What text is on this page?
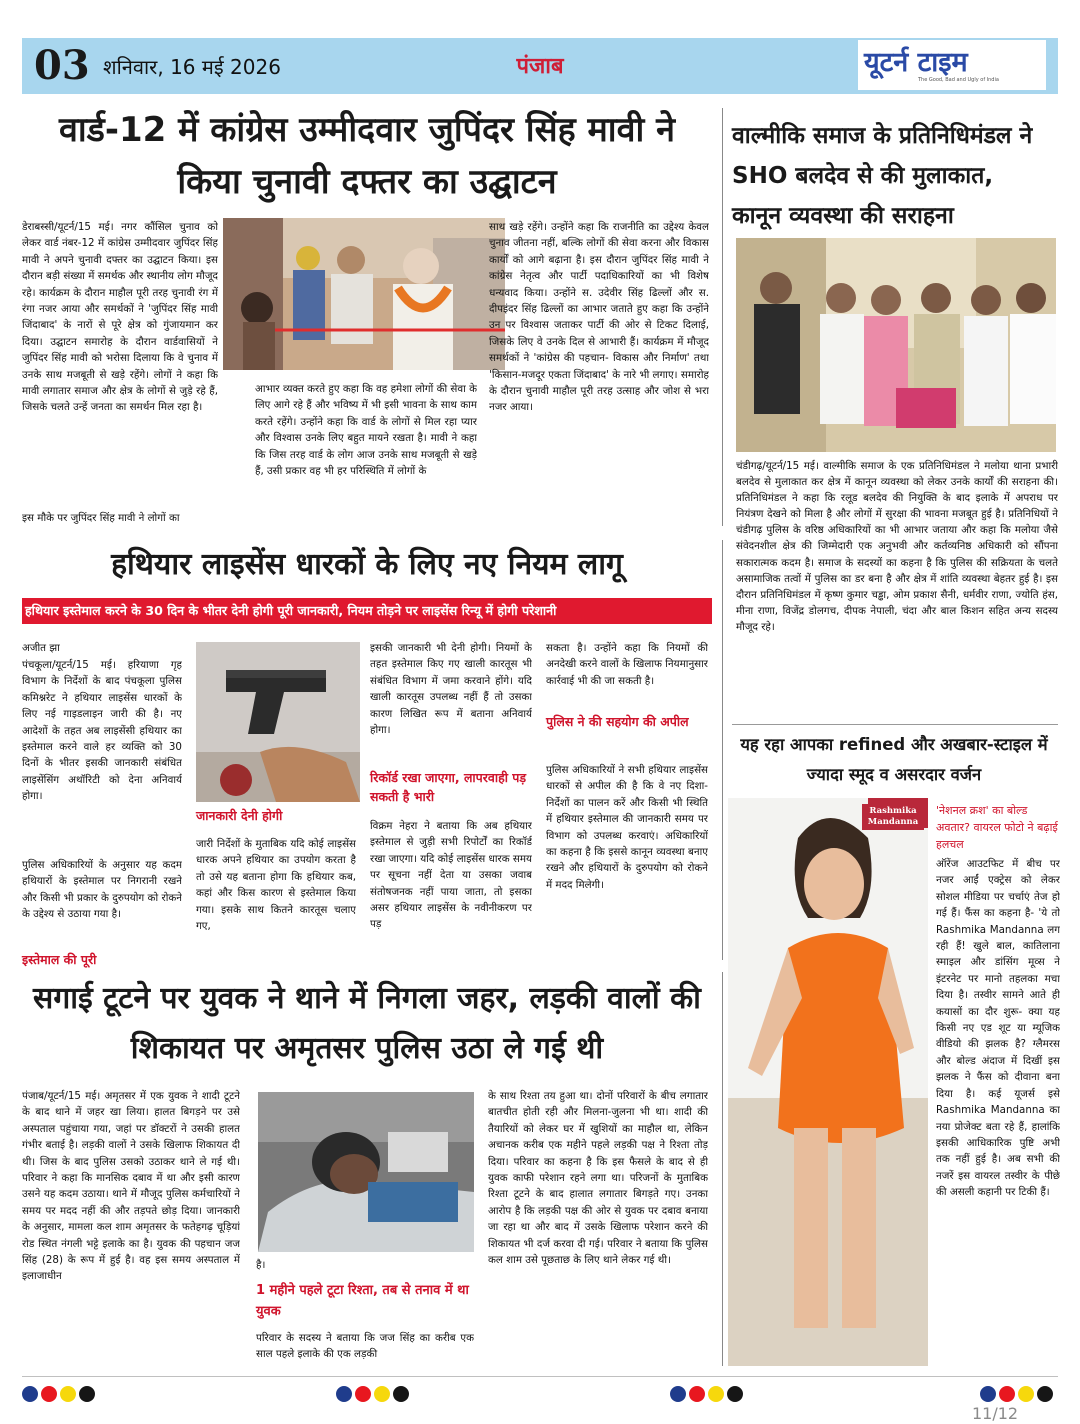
03 शनिवार, 16 मई 2026	पंजाब	यूटर्न टाइम
The Good, Bad and Ugly of India
वार्ड-12 में कांग्रेस उम्मीदवार जुपिंदर सिंह मावी ने किया चुनावी दफ्तर का उद्घाटन

डेराबस्सी/यूटर्न/15 मई। नगर कौंसिल चुनाव को लेकर वार्ड नंबर-12 में कांग्रेस उम्मीदवार जुपिंदर सिंह मावी ने अपने चुनावी दफ्तर का उद्घाटन किया। इस दौरान बड़ी संख्या में समर्थक और स्थानीय लोग मौजूद रहे। कार्यक्रम के दौरान माहौल पूरी तरह चुनावी रंग में रंगा नजर आया और समर्थकों ने 'जुपिंदर सिंह मावी जिंदाबाद' के नारों से पूरे क्षेत्र को गुंजायमान कर दिया। उद्घाटन समारोह के दौरान वार्डवासियों ने जुपिंदर सिंह मावी को भरोसा दिलाया कि वे चुनाव में उनके साथ मजबूती से खड़े रहेंगे। लोगों ने कहा कि मावी लगातार समाज और क्षेत्र के लोगों से जुड़े रहे हैं, जिसके चलते उन्हें जनता का समर्थन मिल रहा है।

इस मौके पर जुपिंदर सिंह मावी ने लोगों का
आभार व्यक्त करते हुए कहा कि वह हमेशा लोगों की सेवा के लिए आगे रहे हैं और भविष्य में भी इसी भावना के साथ काम करते रहेंगे। उन्होंने कहा कि वार्ड के लोगों से मिल रहा प्यार और विश्वास उनके लिए बहुत मायने रखता है। मावी ने कहा कि जिस तरह वार्ड के लोग आज उनके साथ मजबूती से खड़े हैं, उसी प्रकार वह भी हर परिस्थिति में लोगों के
साथ खड़े रहेंगे। उन्होंने कहा कि राजनीति का उद्देश्य केवल चुनाव जीतना नहीं, बल्कि लोगों की सेवा करना और विकास कार्यों को आगे बढ़ाना है। इस दौरान जुपिंदर सिंह मावी ने कांग्रेस नेतृत्व और पार्टी पदाधिकारियों का भी विशेष धन्यवाद किया। उन्होंने स. उदेवीर सिंह ढिल्लों और स. दीपइंदर सिंह ढिल्लों का आभार जताते हुए कहा कि उन्होंने उन पर विश्वास जताकर पार्टी की ओर से टिकट दिलाई, जिसके लिए वे उनके दिल से आभारी हैं। कार्यक्रम में मौजूद समर्थकों ने 'कांग्रेस की पहचान- विकास और निर्माण' तथा 'किसान-मजदूर एकता जिंदाबाद' के नारे भी लगाए। समारोह के दौरान चुनावी माहौल पूरी तरह उत्साह और जोश से भरा नजर आया।
वाल्मीकि समाज के प्रतिनिधिमंडल ने SHO बलदेव से की मुलाकात, कानून व्यवस्था की सराहना
चंडीगढ़/यूटर्न/15 मई। वाल्मीकि समाज के एक प्रतिनिधिमंडल ने मलोया थाना प्रभारी बलदेव से मुलाकात कर क्षेत्र में कानून व्यवस्था को लेकर उनके कार्यों की सराहना की। प्रतिनिधिमंडल ने कहा कि रलूड बलदेव की नियुक्ति के बाद इलाके में अपराध पर नियंत्रण देखने को मिला है और लोगों में सुरक्षा की भावना मजबूत हुई है। प्रतिनिधियों ने चंडीगढ़ पुलिस के वरिष्ठ अधिकारियों का भी आभार जताया और कहा कि मलोया जैसे संवेदनशील क्षेत्र की जिम्मेदारी एक अनुभवी और कर्तव्यनिष्ठ अधिकारी को सौंपना सकारात्मक कदम है। समाज के सदस्यों का कहना है कि पुलिस की सक्रियता के चलते असामाजिक तत्वों में पुलिस का डर बना है और क्षेत्र में शांति व्यवस्था बेहतर हुई है। इस दौरान प्रतिनिधिमंडल में कृष्ण कुमार चड्ढा, ओम प्रकाश सैनी, धर्मवीर राणा, ज्योति हंस, मीना राणा, विजेंद्र डोलगच, दीपक नेपाली, चंदा और बाल किशन सहित अन्य सदस्य मौजूद रहे।
हथियार लाइसेंस धारकों के लिए नए नियम लागू
हथियार इस्तेमाल करने के 30 दिन के भीतर देनी होगी पूरी जानकारी, नियम तोड़ने पर लाइसेंस रिन्यू में होगी परेशानी
अजीत झा
पंचकूला/यूटर्न/15 मई। हरियाणा गृह विभाग के निर्देशों के बाद पंचकूला पुलिस कमिश्नरेट ने हथियार लाइसेंस धारकों के लिए नई गाइडलाइन जारी की है। नए आदेशों के तहत अब लाइसेंसी हथियार का इस्तेमाल करने वाले हर व्यक्ति को 30 दिनों के भीतर इसकी जानकारी संबंधित लाइसेंसिंग अथॉरिटी को देना अनिवार्य होगा।
पुलिस अधिकारियों के अनुसार यह कदम हथियारों के इस्तेमाल पर निगरानी रखने और किसी भी प्रकार के दुरुपयोग को रोकने के उद्देश्य से उठाया गया है।
इस्तेमाल की पूरी
जानकारी देनी होगी
जारी निर्देशों के मुताबिक यदि कोई लाइसेंस धारक अपने हथियार का उपयोग करता है तो उसे यह बताना होगा कि हथियार कब, कहां और किस कारण से इस्तेमाल किया गया। इसके साथ कितने कारतूस चलाए गए,
इसकी जानकारी भी देनी होगी। नियमों के तहत इस्तेमाल किए गए खाली कारतूस भी संबंधित विभाग में जमा करवाने होंगे। यदि खाली कारतूस उपलब्ध नहीं हैं तो उसका कारण लिखित रूप में बताना अनिवार्य होगा।
रिकॉर्ड रखा जाएगा, लापरवाही पड़ सकती है भारी
विक्रम नेहरा ने बताया कि अब हथियार इस्तेमाल से जुड़ी सभी रिपोर्टों का रिकॉर्ड रखा जाएगा। यदि कोई लाइसेंस धारक समय पर सूचना नहीं देता या उसका जवाब संतोषजनक नहीं पाया जाता, तो इसका असर हथियार लाइसेंस के नवीनीकरण पर पड़
सकता है। उन्होंने कहा कि नियमों की अनदेखी करने वालों के खिलाफ नियमानुसार कार्रवाई भी की जा सकती है।
पुलिस ने की सहयोग की अपील
पुलिस अधिकारियों ने सभी हथियार लाइसेंस धारकों से अपील की है कि वे नए दिशा-निर्देशों का पालन करें और किसी भी स्थिति में हथियार इस्तेमाल की जानकारी समय पर विभाग को उपलब्ध करवाएं। अधिकारियों का कहना है कि इससे कानून व्यवस्था बनाए रखने और हथियारों के दुरुपयोग को रोकने में मदद मिलेगी।
यह रहा आपका refined और अखबार-स्टाइल में ज्यादा स्मूद व असरदार वर्जन
Rashmika Mandanna
'नेशनल क्रश' का बोल्ड अवतार? वायरल फोटो ने बढ़ाई हलचल
ऑरेंज आउटफिट में बीच पर नजर आईं एक्ट्रेस को लेकर सोशल मीडिया पर चर्चाएं तेज हो गई हैं। फैंस का कहना है- 'ये तो Rashmika Mandanna लग रही हैं! खुले बाल, कातिलाना स्माइल और डांसिंग मूव्स ने इंटरनेट पर मानो तहलका मचा दिया है। तस्वीर सामने आते ही कयासों का दौर शुरू- क्या यह किसी नए एड शूट या म्यूजिक वीडियो की झलक है? ग्लैमरस और बोल्ड अंदाज में दिखीं इस झलक ने फैंस को दीवाना बना दिया है। कई यूजर्स इसे Rashmika Mandanna का नया प्रोजेक्ट बता रहे हैं, हालांकि इसकी आधिकारिक पुष्टि अभी तक नहीं हुई है। अब सभी की नजरें इस वायरल तस्वीर के पीछे की असली कहानी पर टिकी हैं।
सगाई टूटने पर युवक ने थाने में निगला जहर, लड़की वालों की शिकायत पर अमृतसर पुलिस उठा ले गई थी
पंजाब/यूटर्न/15 मई। अमृतसर में एक युवक ने शादी टूटने के बाद थाने में जहर खा लिया। हालत बिगड़ने पर उसे अस्पताल पहुंचाया गया, जहां पर डॉक्टरों ने उसकी हालत गंभीर बताई है। लड़की वालों ने उसके खिलाफ शिकायत दी थी। जिस के बाद पुलिस उसको उठाकर थाने ले गई थी। परिवार ने कहा कि मानसिक दबाव में था और इसी कारण उसने यह कदम उठाया। थाने में मौजूद पुलिस कर्मचारियों ने समय पर मदद नहीं की और तड़पते छोड़ दिया। जानकारी के अनुसार, मामला कल शाम अमृतसर के फतेहगढ़ चूड़ियां रोड स्थित नंगली भट्टे इलाके का है। युवक की पहचान जज सिंह (28) के रूप में हुई है। वह इस समय अस्पताल में इलाजाधीन
है।
1 महीने पहले टूटा रिश्ता, तब से तनाव में था युवक
परिवार के सदस्य ने बताया कि जज सिंह का करीब एक साल पहले इलाके की एक लड़की
के साथ रिश्ता तय हुआ था। दोनों परिवारों के बीच लगातार बातचीत होती रही और मिलना-जुलना भी था। शादी की तैयारियों को लेकर घर में खुशियों का माहौल था, लेकिन अचानक करीब एक महीने पहले लड़की पक्ष ने रिश्ता तोड़ दिया। परिवार का कहना है कि इस फैसले के बाद से ही युवक काफी परेशान रहने लगा था। परिजनों के मुताबिक रिश्ता टूटने के बाद हालात लगातार बिगड़ते गए। उनका आरोप है कि लड़की पक्ष की ओर से युवक पर दबाव बनाया जा रहा था और बाद में उसके खिलाफ परेशान करने की शिकायत भी दर्ज करवा दी गई। परिवार ने बताया कि पुलिस कल शाम उसे पूछताछ के लिए थाने लेकर गई थी।
11/12
